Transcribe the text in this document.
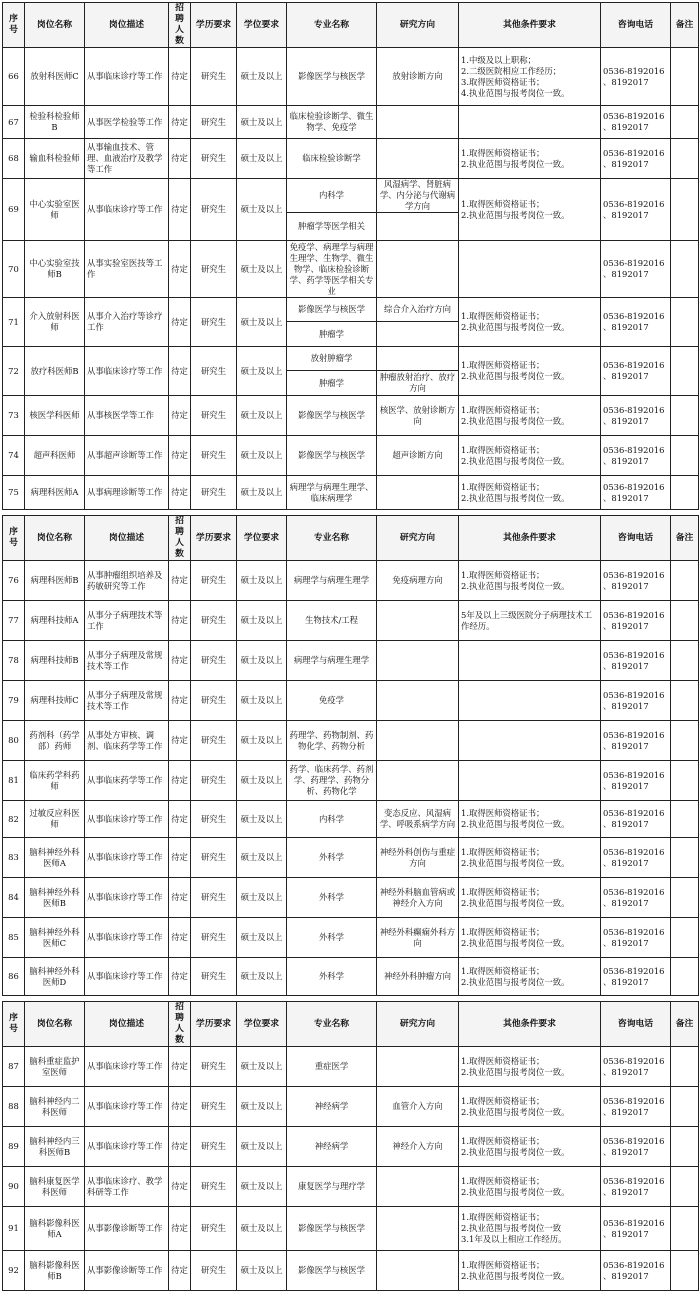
序号	岗位名称	岗位描述	招聘人数	学历要求	学位要求	专业名称	研究方向	其他条件要求	咨询电话	备注
66	放射科医师C	从事临床诊疗等工作	待定	研究生	硕士及以上	影像医学与核医学	放射诊断方向	1.中级及以上职称；
2.二级医院相应工作经历；
3.取得医师资格证书；
4.执业范围与报考岗位一致。	0536-8192016
、8192017	
67	检验科检验师B	从事医学检验等工作	待定	研究生	硕士及以上	临床检验诊断学、微生物学、免疫学			0536-8192016
、8192017	
68	输血科检验师	从事输血技术、管理、血液治疗及教学等工作	待定	研究生	硕士及以上	临床检验诊断学		1.取得医师资格证书；
2.执业范围与报考岗位一致。	0536-8192016
、8192017	
69	中心实验室医师	从事临床诊疗等工作	待定	研究生	硕士及以上	内科学	风湿病学、肾脏病学、内分泌与代谢病学方向	1.取得医师资格证书；
2.执业范围与报考岗位一致。	0536-8192016
、8192017	
						肿瘤学等医学相关				
70	中心实验室技师B	从事实验室医技等工作	待定	研究生	硕士及以上	免疫学、病理学与病理生理学、生物学、微生物学、临床检验诊断学、药学等医学相关专业			0536-8192016
、8192017	
71	介入放射科医师	从事介入治疗等诊疗工作	待定	研究生	硕士及以上	影像医学与核医学	综合介入治疗方向	1.取得医师资格证书；
2.执业范围与报考岗位一致。	0536-8192016
、8192017	
						肿瘤学				
72	放疗科医师B	从事临床诊疗等工作	待定	研究生	硕士及以上	放射肿瘤学		1.取得医师资格证书；
2.执业范围与报考岗位一致。	0536-8192016
、8192017	
						肿瘤学	肿瘤放射治疗、放疗方向			
73	核医学科医师	从事核医学等工作	待定	研究生	硕士及以上	影像医学与核医学	核医学、放射诊断方向	1.取得医师资格证书；
2.执业范围与报考岗位一致。	0536-8192016
、8192017	
74	超声科医师	从事超声诊断等工作	待定	研究生	硕士及以上	影像医学与核医学	超声诊断方向	1.取得医师资格证书；
2.执业范围与报考岗位一致。	0536-8192016
、8192017	
75	病理科医师A	从事病理诊断等工作	待定	研究生	硕士及以上	病理学与病理生理学、临床病理学		1.取得医师资格证书；
2.执业范围与报考岗位一致。	0536-8192016
、8192017	
序号	岗位名称	岗位描述	招聘人数	学历要求	学位要求	专业名称	研究方向	其他条件要求	咨询电话	备注
76	病理科医师B	从事肿瘤组织培养及药敏研究等工作	待定	研究生	硕士及以上	病理学与病理生理学	免疫病理方向	1.取得医师资格证书；
2.执业范围与报考岗位一致。	0536-8192016
、8192017	
77	病理科技师A	从事分子病理技术等工作	待定	研究生	硕士及以上	生物技术/工程		5年及以上三级医院分子病理技术工作经历。	0536-8192016
、8192017	
78	病理科技师B	从事分子病理及常规技术等工作	待定	研究生	硕士及以上	病理学与病理生理学			0536-8192016
、8192017	
79	病理科技师C	从事分子病理及常规技术等工作	待定	研究生	硕士及以上	免疫学			0536-8192016
、8192017	
80	药剂科（药学部）药师	从事处方审核、调剂、临床药学等工作	待定	研究生	硕士及以上	药理学、药物制剂、药物化学、药物分析			0536-8192016
、8192017	
81	临床药学科药师	从事临床药学等工作	待定	研究生	硕士及以上	药学、临床药学、药剂学、药理学、药物分析、药物化学			0536-8192016
、8192017	
82	过敏反应科医师	从事临床诊疗等工作	待定	研究生	硕士及以上	内科学	变态反应、风湿病学、呼吸系病学方向	1.取得医师资格证书；
2.执业范围与报考岗位一致。	0536-8192016
、8192017	
83	脑科神经外科医师A	从事临床诊疗等工作	待定	研究生	硕士及以上	外科学	神经外科创伤与重症方向	1.取得医师资格证书；
2.执业范围与报考岗位一致。	0536-8192016
、8192017	
84	脑科神经外科医师B	从事临床诊疗等工作	待定	研究生	硕士及以上	外科学	神经外科脑血管病或神经介入方向	1.取得医师资格证书；
2.执业范围与报考岗位一致。	0536-8192016
、8192017	
85	脑科神经外科医师C	从事临床诊疗等工作	待定	研究生	硕士及以上	外科学	神经外科癫痫外科方向	1.取得医师资格证书；
2.执业范围与报考岗位一致。	0536-8192016
、8192017	
86	脑科神经外科医师D	从事临床诊疗等工作	待定	研究生	硕士及以上	外科学	神经外科肿瘤方向	1.取得医师资格证书；
2.执业范围与报考岗位一致。	0536-8192016
、8192017	
序号	岗位名称	岗位描述	招聘人数	学历要求	学位要求	专业名称	研究方向	其他条件要求	咨询电话	备注
87	脑科重症监护室医师	从事临床诊疗等工作	待定	研究生	硕士及以上	重症医学		1.取得医师资格证书；
2.执业范围与报考岗位一致。	0536-8192016
、8192017	
88	脑科神经内二科医师	从事临床诊疗等工作	待定	研究生	硕士及以上	神经病学	血管介入方向	1.取得医师资格证书；
2.执业范围与报考岗位一致。	0536-8192016
、8192017	
89	脑科神经内三科医师B	从事临床诊疗等工作	待定	研究生	硕士及以上	神经病学	神经介入方向	1.取得医师资格证书；
2.执业范围与报考岗位一致。	0536-8192016
、8192017	
90	脑科康复医学科医师	从事临床诊疗、教学科研等工作	待定	研究生	硕士及以上	康复医学与理疗学		1.取得医师资格证书；
2.执业范围与报考岗位一致。	0536-8192016
、8192017	
91	脑科影像科医师A	从事影像诊断等工作	待定	研究生	硕士及以上	影像医学与核医学		1.取得医师资格证书；
2.执业范围与报考岗位一致
3.1年及以上相应工作经历。	0536-8192016
、8192017	
92	脑科影像科医师B	从事影像诊断等工作	待定	研究生	硕士及以上	影像医学与核医学		1.取得医师资格证书；
2.执业范围与报考岗位一致。	0536-8192016
、8192017	
